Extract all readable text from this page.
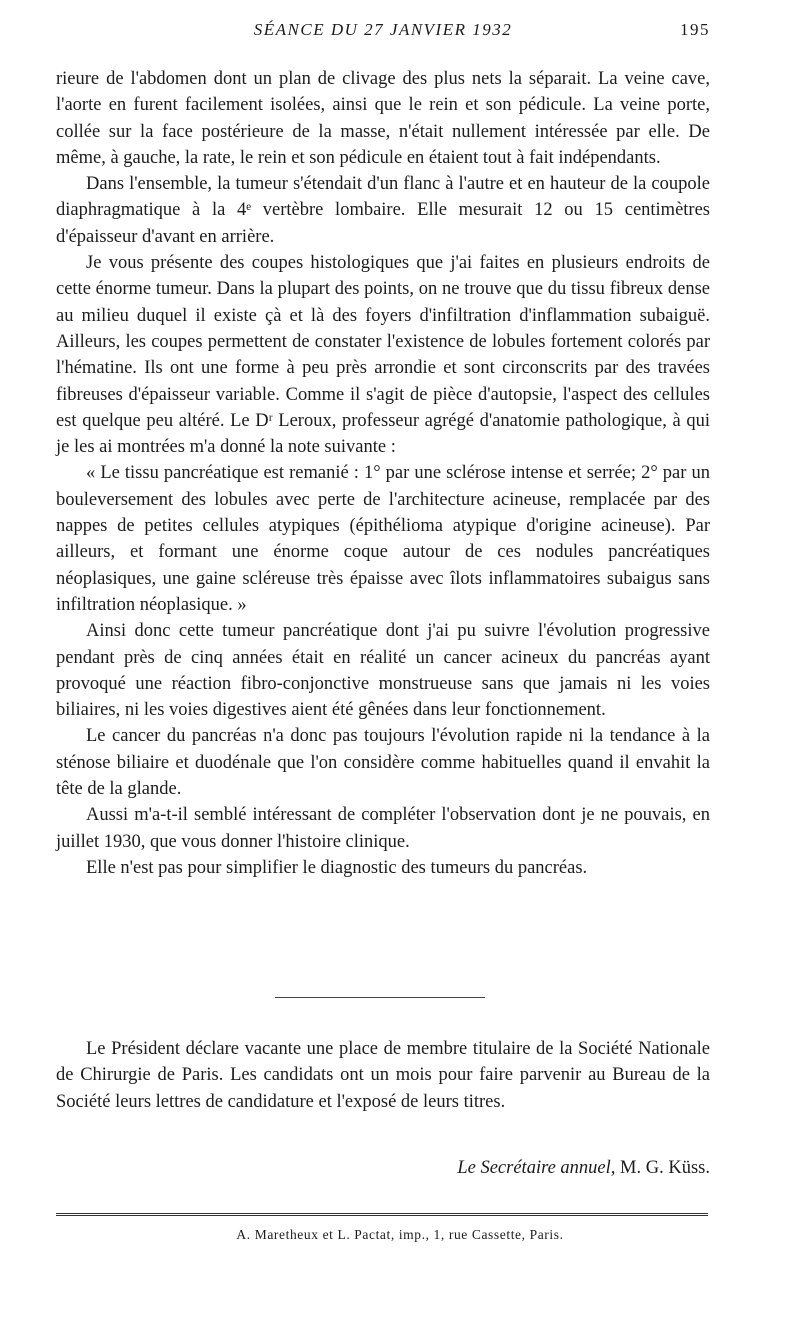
SÉANCE DU 27 JANVIER 1932	195

rieure de l'abdomen dont un plan de clivage des plus nets la séparait. La veine cave, l'aorte en furent facilement isolées, ainsi que le rein et son pédicule. La veine porte, collée sur la face postérieure de la masse, n'était nullement intéressée par elle. De même, à gauche, la rate, le rein et son pédicule en étaient tout à fait indépendants.

Dans l'ensemble, la tumeur s'étendait d'un flanc à l'autre et en hauteur de la coupole diaphragmatique à la 4ᵉ vertèbre lombaire. Elle mesurait 12 ou 15 centimètres d'épaisseur d'avant en arrière.

Je vous présente des coupes histologiques que j'ai faites en plusieurs endroits de cette énorme tumeur. Dans la plupart des points, on ne trouve que du tissu fibreux dense au milieu duquel il existe çà et là des foyers d'infiltration d'inflammation subaiguë. Ailleurs, les coupes permettent de constater l'existence de lobules fortement colorés par l'hématine. Ils ont une forme à peu près arrondie et sont circonscrits par des travées fibreuses d'épaisseur variable. Comme il s'agit de pièce d'autopsie, l'aspect des cellules est quelque peu altéré. Le Dʳ Leroux, professeur agrégé d'anatomie pathologique, à qui je les ai montrées m'a donné la note suivante :

« Le tissu pancréatique est remanié : 1° par une sclérose intense et serrée; 2° par un bouleversement des lobules avec perte de l'architecture acineuse, remplacée par des nappes de petites cellules atypiques (épithélioma atypique d'origine acineuse). Par ailleurs, et formant une énorme coque autour de ces nodules pancréatiques néoplasiques, une gaine scléreuse très épaisse avec îlots inflammatoires subaigus sans infiltration néoplasique. »

Ainsi donc cette tumeur pancréatique dont j'ai pu suivre l'évolution progressive pendant près de cinq années était en réalité un cancer acineux du pancréas ayant provoqué une réaction fibro-conjonctive monstrueuse sans que jamais ni les voies biliaires, ni les voies digestives aient été gênées dans leur fonctionnement.

Le cancer du pancréas n'a donc pas toujours l'évolution rapide ni la tendance à la sténose biliaire et duodénale que l'on considère comme habituelles quand il envahit la tête de la glande.

Aussi m'a-t-il semblé intéressant de compléter l'observation dont je ne pouvais, en juillet 1930, que vous donner l'histoire clinique.

Elle n'est pas pour simplifier le diagnostic des tumeurs du pancréas.

Le Président déclare vacante une place de membre titulaire de la Société Nationale de Chirurgie de Paris. Les candidats ont un mois pour faire parvenir au Bureau de la Société leurs lettres de candidature et l'exposé de leurs titres.

Le Secrétaire annuel, M. G. Küss.
A. Maretheux et L. Pactat, imp., 1, rue Cassette, Paris.
